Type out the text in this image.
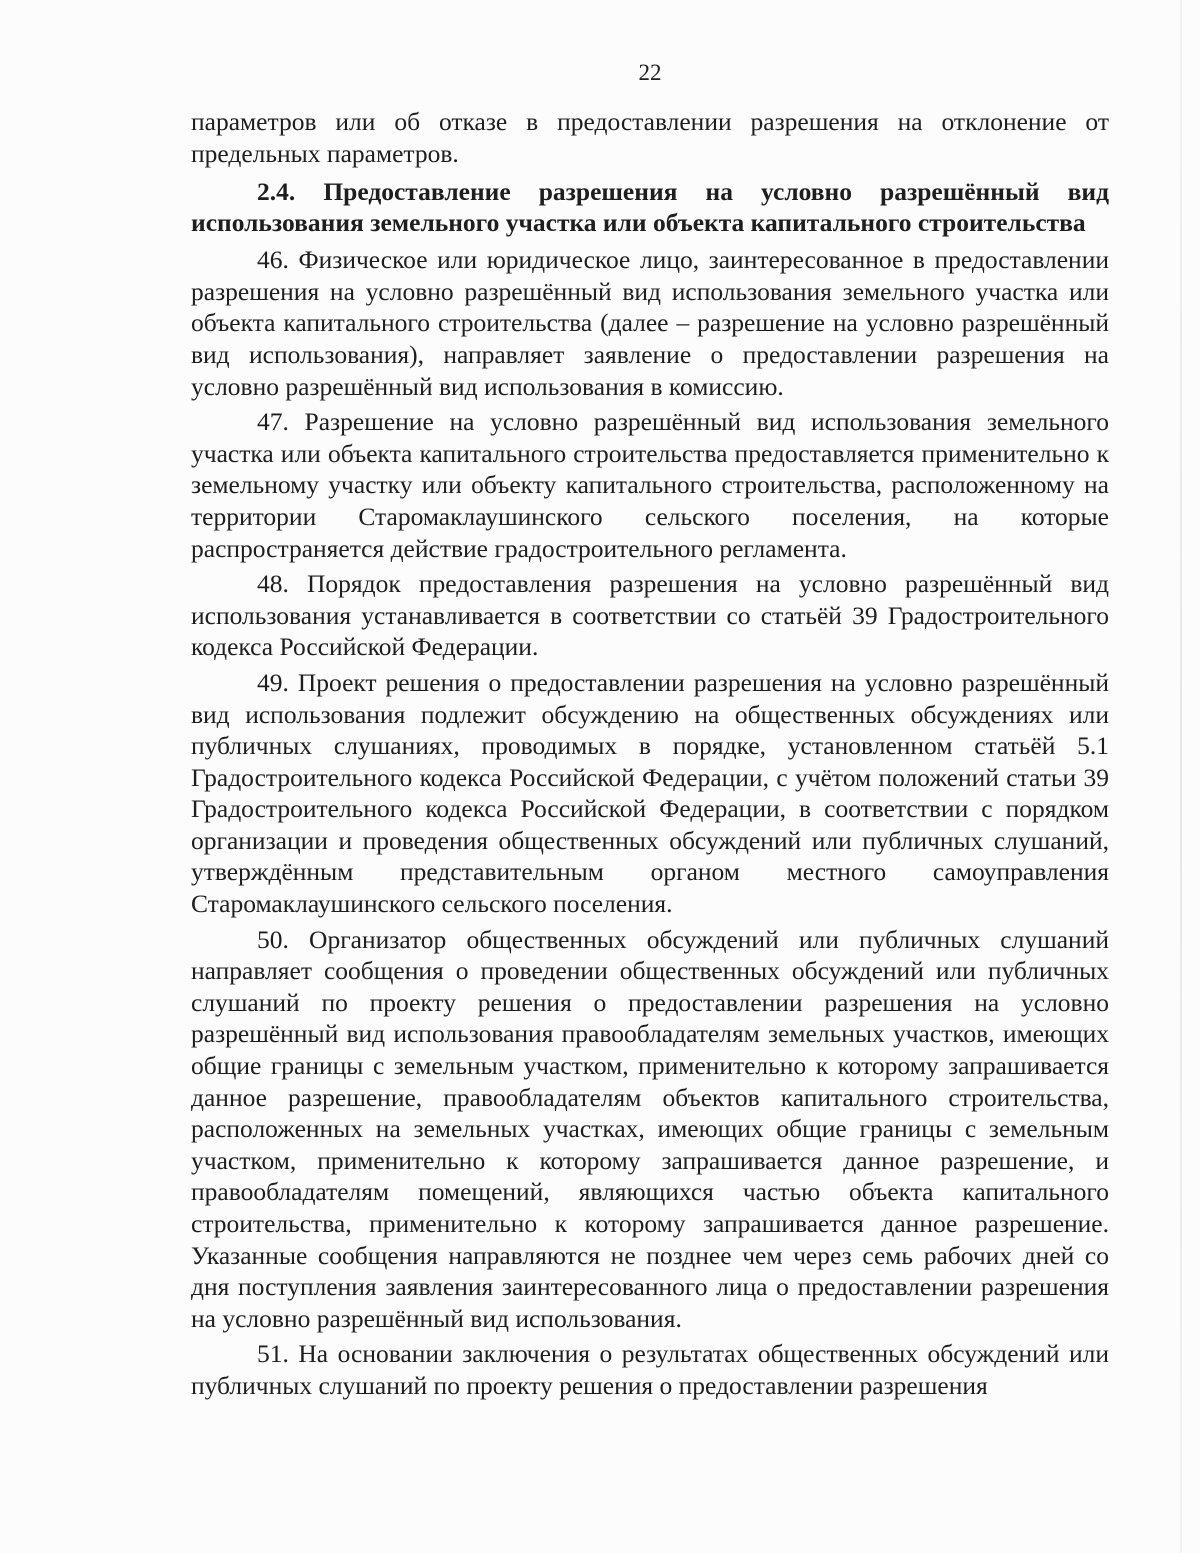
22

параметров или об отказе в предоставлении разрешения на отклонение от предельных параметров.

2.4. Предоставление разрешения на условно разрешённый вид использования земельного участка или объекта капитального строительства

46. Физическое или юридическое лицо, заинтересованное в предоставлении разрешения на условно разрешённый вид использования земельного участка или объекта капитального строительства (далее – разрешение на условно разрешённый вид использования), направляет заявление о предоставлении разрешения на условно разрешённый вид использования в комиссию.

47. Разрешение на условно разрешённый вид использования земельного участка или объекта капитального строительства предоставляется применительно к земельному участку или объекту капитального строительства, расположенному на территории Старомаклаушинского сельского поселения, на которые распространяется действие градостроительного регламента.

48. Порядок предоставления разрешения на условно разрешённый вид использования устанавливается в соответствии со статьёй 39 Градостроительного кодекса Российской Федерации.

49. Проект решения о предоставлении разрешения на условно разрешённый вид использования подлежит обсуждению на общественных обсуждениях или публичных слушаниях, проводимых в порядке, установленном статьёй 5.1 Градостроительного кодекса Российской Федерации, с учётом положений статьи 39 Градостроительного кодекса Российской Федерации, в соответствии с порядком организации и проведения общественных обсуждений или публичных слушаний, утверждённым представительным органом местного самоуправления Старомаклаушинского сельского поселения.

50. Организатор общественных обсуждений или публичных слушаний направляет сообщения о проведении общественных обсуждений или публичных слушаний по проекту решения о предоставлении разрешения на условно разрешённый вид использования правообладателям земельных участков, имеющих общие границы с земельным участком, применительно к которому запрашивается данное разрешение, правообладателям объектов капитального строительства, расположенных на земельных участках, имеющих общие границы с земельным участком, применительно к которому запрашивается данное разрешение, и правообладателям помещений, являющихся частью объекта капитального строительства, применительно к которому запрашивается данное разрешение. Указанные сообщения направляются не позднее чем через семь рабочих дней со дня поступления заявления заинтересованного лица о предоставлении разрешения на условно разрешённый вид использования.

51. На основании заключения о результатах общественных обсуждений или публичных слушаний по проекту решения о предоставлении разрешения
